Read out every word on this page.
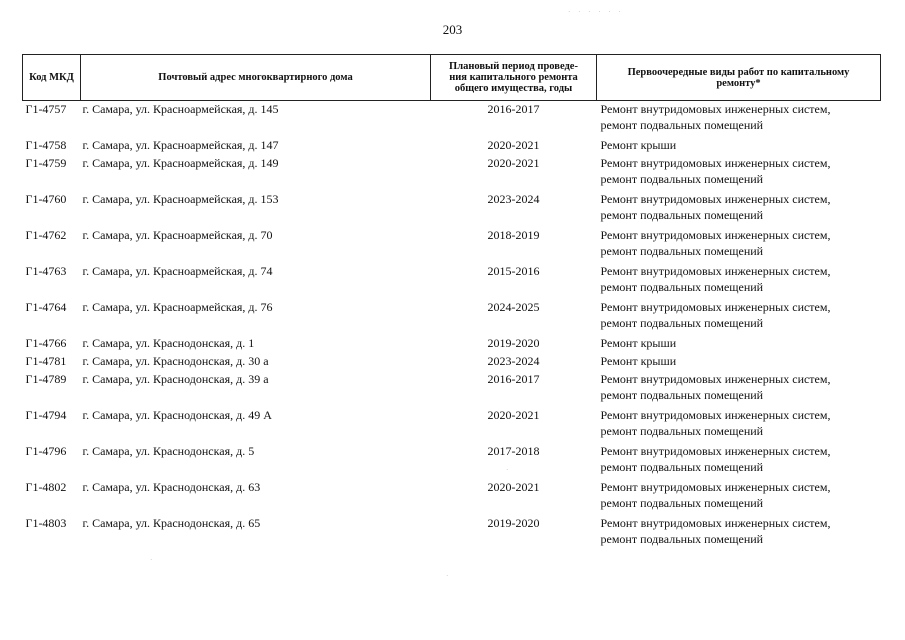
· · · · · ·
203
Код МКД	Почтовый адрес многоквартирного дома	Плановый период проведе-
ния капитального ремонта
общего имущества, годы	Первоочередные виды работ по капитальному
ремонту*

Г1-4757	г. Самара, ул. Красноармейская, д. 145	2016-2017	Ремонт внутридомовых инженерных систем,
ремонт подвальных помещений

Г1-4758	г. Самара, ул. Красноармейская, д. 147	2020-2021	Ремонт крыши

Г1-4759	г. Самара, ул. Красноармейская, д. 149	2020-2021	Ремонт внутридомовых инженерных систем,
ремонт подвальных помещений

Г1-4760	г. Самара, ул. Красноармейская, д. 153	2023-2024	Ремонт внутридомовых инженерных систем,
ремонт подвальных помещений

Г1-4762	г. Самара, ул. Красноармейская, д. 70	2018-2019	Ремонт внутридомовых инженерных систем,
ремонт подвальных помещений

Г1-4763	г. Самара, ул. Красноармейская, д. 74	2015-2016	Ремонт внутридомовых инженерных систем,
ремонт подвальных помещений

Г1-4764	г. Самара, ул. Красноармейская, д. 76	2024-2025	Ремонт внутридомовых инженерных систем,
ремонт подвальных помещений

Г1-4766	г. Самара, ул. Краснодонская, д. 1	2019-2020	Ремонт крыши

Г1-4781	г. Самара, ул. Краснодонская, д. 30 а	2023-2024	Ремонт крыши

Г1-4789	г. Самара, ул. Краснодонская, д. 39 а	2016-2017	Ремонт внутридомовых инженерных систем,
ремонт подвальных помещений

Г1-4794	г. Самара, ул. Краснодонская, д. 49 А	2020-2021	Ремонт внутридомовых инженерных систем,
ремонт подвальных помещений

Г1-4796	г. Самара, ул. Краснодонская, д. 5	2017-2018	Ремонт внутридомовых инженерных систем,
ремонт подвальных помещений

Г1-4802	г. Самара, ул. Краснодонская, д. 63	2020-2021	Ремонт внутридомовых инженерных систем,
ремонт подвальных помещений

Г1-4803	г. Самара, ул. Краснодонская, д. 65	2019-2020	Ремонт внутридомовых инженерных систем,
ремонт подвальных помещений
·
·
·
